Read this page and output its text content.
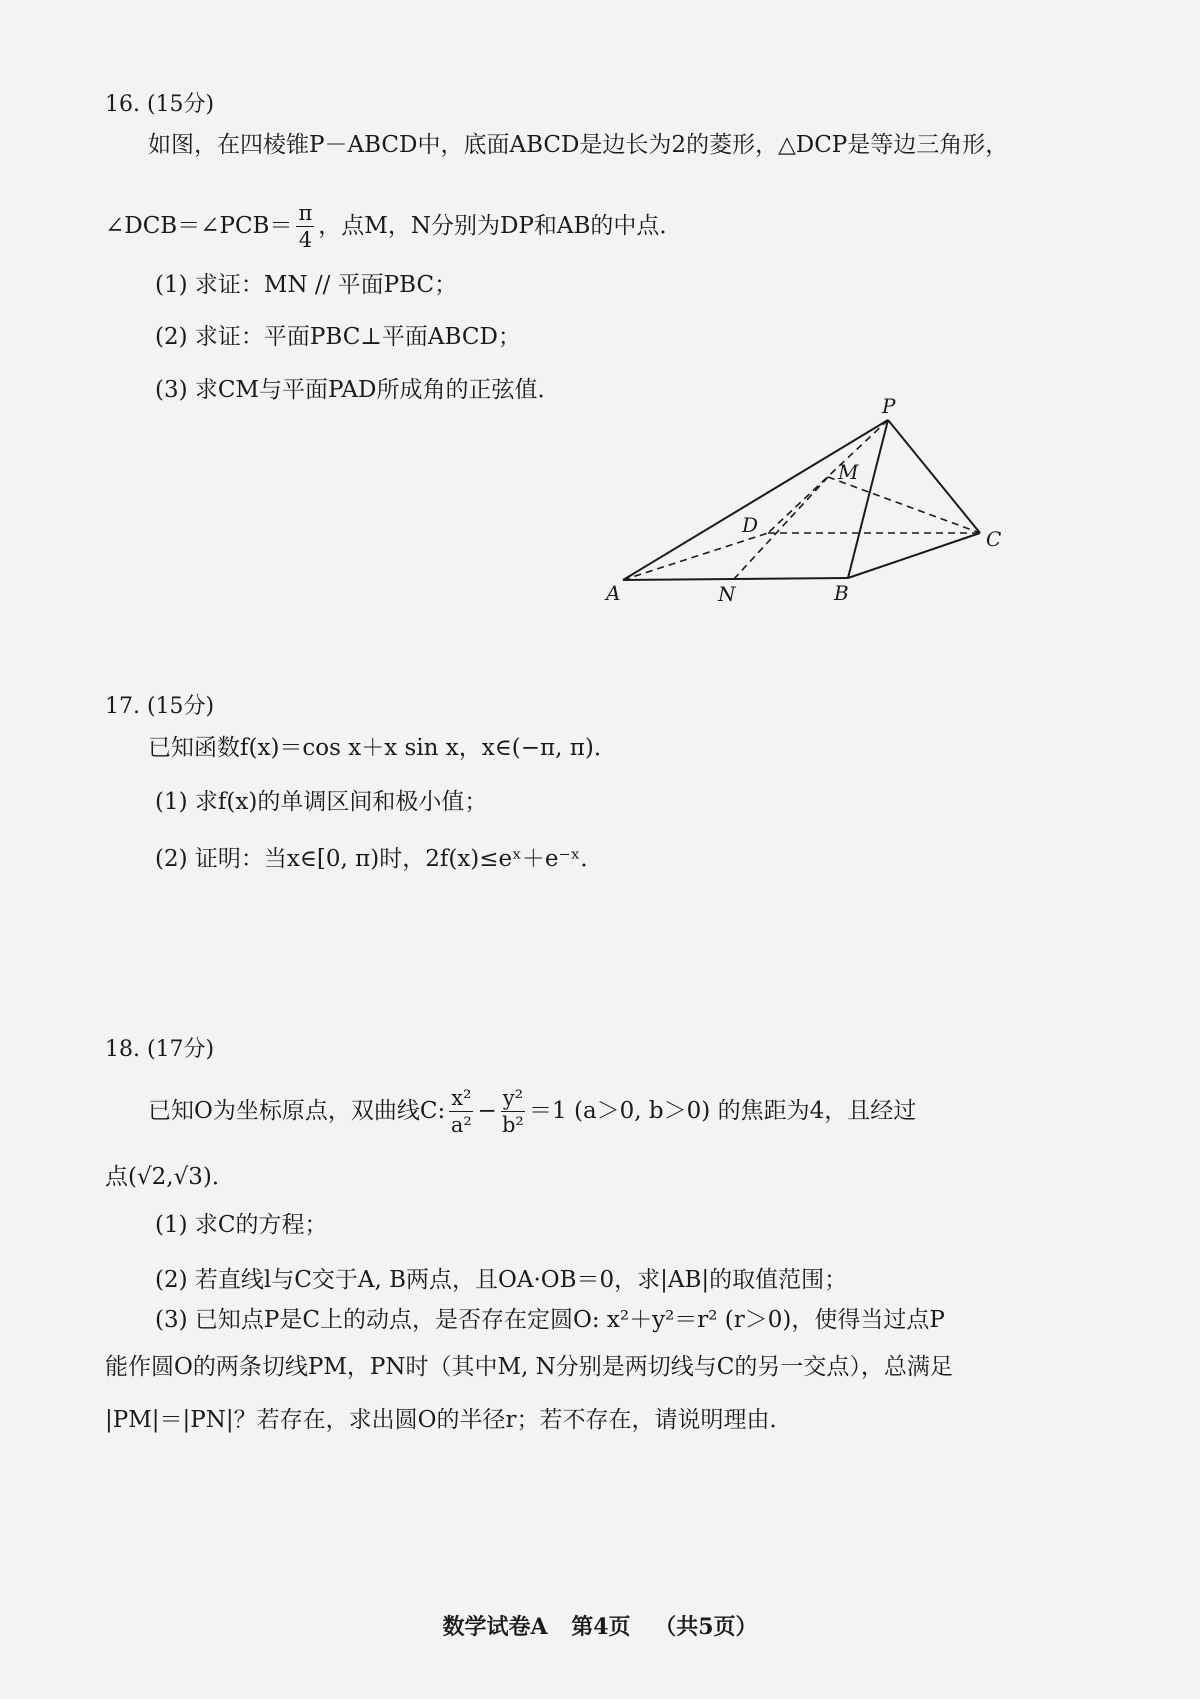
16. (15分)
如图，在四棱锥P－ABCD中，底面ABCD是边长为2的菱形，△DCP是等边三角形，
∠DCB＝∠PCB＝ $\frac{\pi}{4}$ ，点M，N分别为DP和AB的中点．
(1) 求证：MN // 平面PBC；
(2) 求证：平面PBC⊥平面ABCD；
(3) 求CM与平面PAD所成角的正弦值．
P
M
D
C
A	N	B
17. (15分)
已知函数f(x)＝cos x＋x sin x，x∈(−π, π)．
(1) 求f(x)的单调区间和极小值；
(2) 证明：当x∈[0, π)时，2f(x)≤eˣ＋e⁻ˣ．
18. (17分)
已知O为坐标原点，双曲线C: $\frac{\text{x²}}{\text{a²}} - \frac{\text{y²}}{\text{b²}} =1$ (a＞0, b＞0) 的焦距为4，且经过
点(√2,√3)．
(1) 求C的方程；
(2) 若直线l与C交于A, B两点，且OA·OB＝0，求|AB|的取值范围；
(3) 已知点P是C上的动点，是否存在定圆O: x²＋y²＝r² (r＞0)，使得当过点P
能作圆O的两条切线PM，PN时（其中M, N分别是两切线与C的另一交点），总满足
|PM|＝|PN|？若存在，求出圆O的半径r；若不存在，请说明理由．
数学试卷A 第4页 （共5页）
